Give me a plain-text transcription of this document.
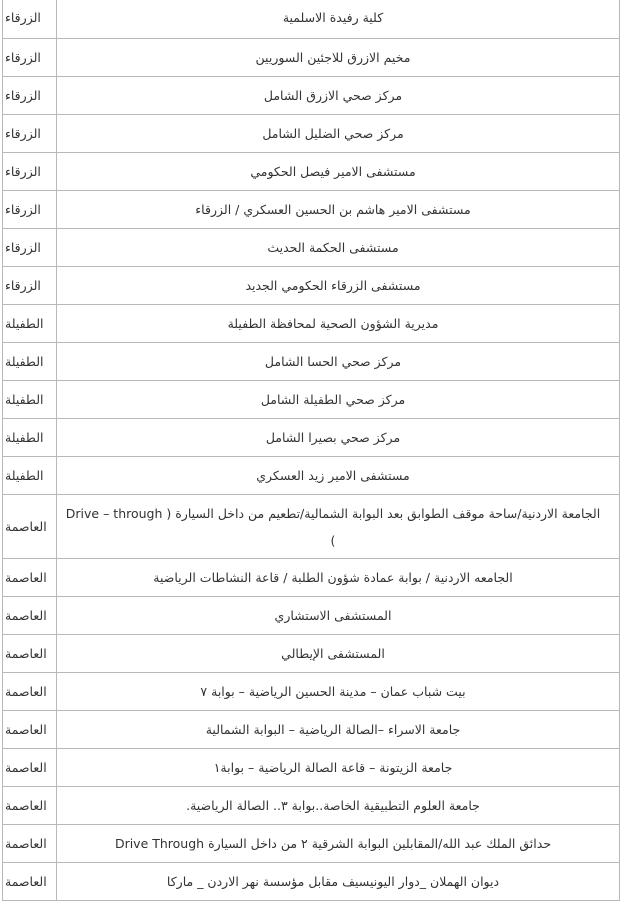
الزرقاء	كلية رفيدة الاسلمية
الزرقاء	مخيم الازرق للاجئين السوريين
الزرقاء	مركز صحي الازرق الشامل
الزرقاء	مركز صحي الضليل الشامل
الزرقاء	مستشفى الامير فيصل الحكومي
الزرقاء	مستشفى الامير هاشم بن الحسين العسكري / الزرقاء
الزرقاء	مستشفى الحكمة الحديث
الزرقاء	مستشفى الزرقاء الحكومي الجديد
الطفيلة	مديرية الشؤون الصحية لمحافظة الطفيلة
الطفيلة	مركز صحي الحسا الشامل
الطفيلة	مركز صحي الطفيلة الشامل
الطفيلة	مركز صحي بصيرا الشامل
الطفيلة	مستشفى الامير زيد العسكري
العاصمة	الجامعة الاردنية/ساحة موقف الطوابق بعد البوابة الشمالية/تطعيم من داخل السيارة ( Drive – through )
العاصمة	الجامعه الاردنية / بوابة عمادة شؤون الطلبة / قاعة النشاطات الرياضية
العاصمة	المستشفى الاستشاري
العاصمة	المستشفى الإيطالي
العاصمة	بيت شباب عمان – مدينة الحسين الرياضية – بوابة ٧
العاصمة	جامعة الاسراء –الصالة الرياضية – البوابة الشمالية
العاصمة	جامعة الزيتونة – قاعة الصالة الرياضية – بوابة١
العاصمة	جامعة العلوم التطبيقية الخاصة..بوابة ٣.. الصالة الرياضية.
العاصمة	حدائق الملك عبد الله/المقابلين البوابة الشرقية ٢ من داخل السيارة Drive Through
العاصمة	ديوان الهملان _دوار اليونيسيف مقابل مؤسسة نهر الاردن _ ماركا
